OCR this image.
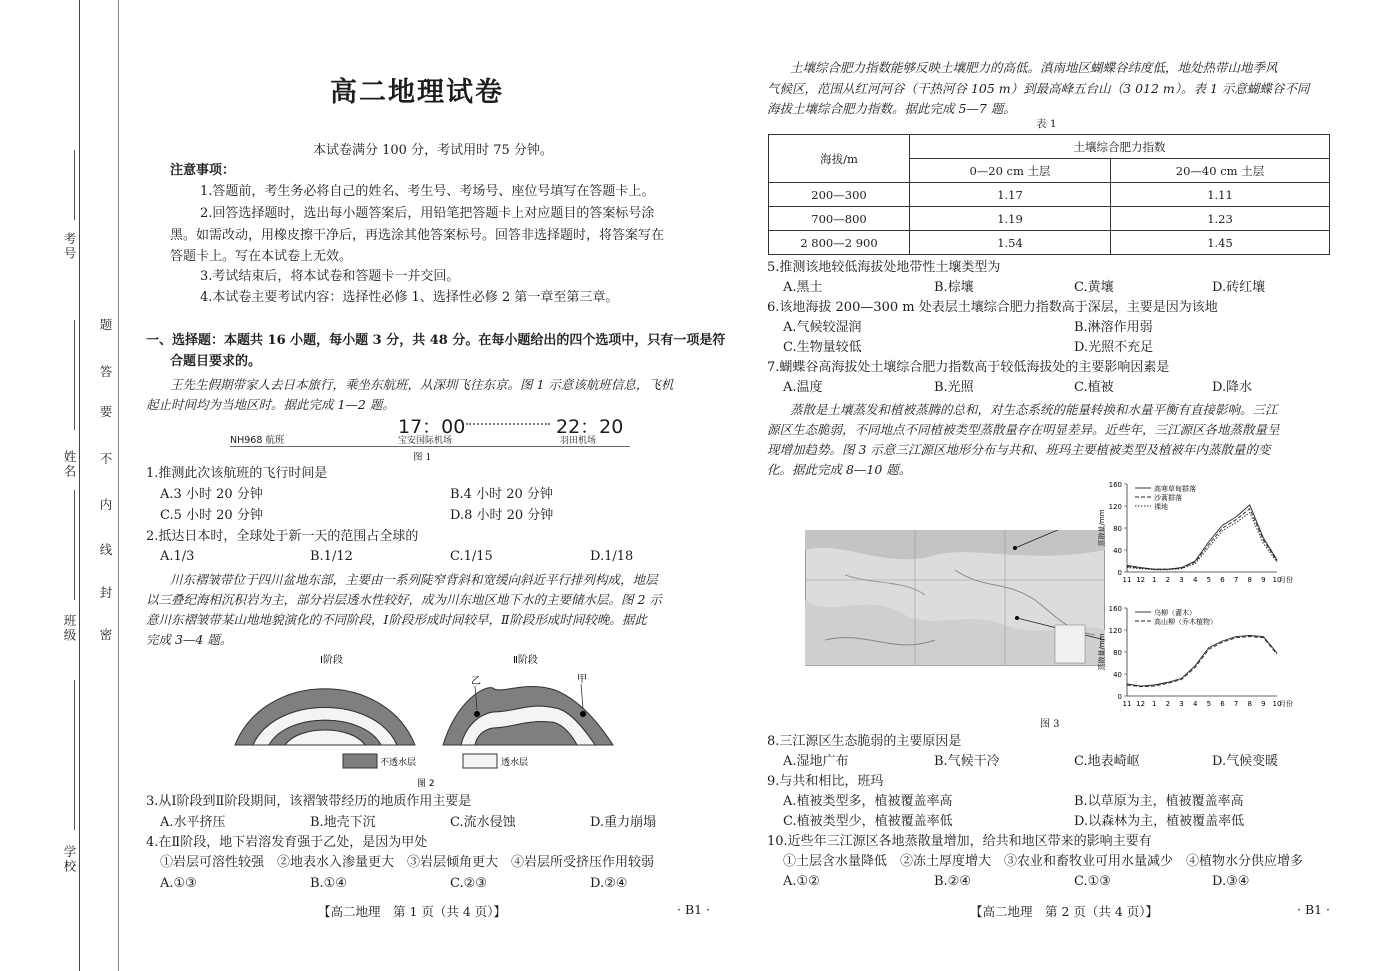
考号
姓名
班级
学校
题
答
要
不
内
线
封
密
高二地理试卷
本试卷满分 100 分，考试用时 75 分钟。
注意事项：
1.答题前，考生务必将自己的姓名、考生号、考场号、座位号填写在答题卡上。
2.回答选择题时，选出每小题答案后，用铅笔把答题卡上对应题目的答案标号涂
黑。如需改动，用橡皮擦干净后，再选涂其他答案标号。回答非选择题时，将答案写在
答题卡上。写在本试卷上无效。
3.考试结束后，将本试卷和答题卡一并交回。
4.本试卷主要考试内容：选择性必修 1、选择性必修 2 第一章至第三章。
一、选择题：本题共 16 小题，每小题 3 分，共 48 分。在每小题给出的四个选项中，只有一项是符
合题目要求的。
王先生假期带家人去日本旅行，乘坐东航班，从深圳飞往东京。图 1 示意该航班信息，飞机
起止时间均为当地区时。据此完成 1—2 题。
NH968 航班
17：00	22：20
宝安国际机场	羽田机场
图 1
1.推测此次该航班的飞行时间是
A.3 小时 20 分钟	B.4 小时 20 分钟
C.5 小时 20 分钟	D.8 小时 20 分钟
2.抵达日本时，全球处于新一天的范围占全球的
A.1/3	B.1/12	C.1/15	D.1/18
川东褶皱带位于四川盆地东部，主要由一系列陡窄背斜和宽缓向斜近平行排列构成，地层
以三叠纪海相沉积岩为主，部分岩层透水性较好，成为川东地区地下水的主要储水层。图 2 示
意川东褶皱带某山地地貌演化的不同阶段，Ⅰ阶段形成时间较早，Ⅱ阶段形成时间较晚。据此
完成 3—4 题。
Ⅰ阶段	Ⅱ阶段
乙	甲
不透水层	透水层
图 2
3.从Ⅰ阶段到Ⅱ阶段期间，该褶皱带经历的地质作用主要是
A.水平挤压	B.地壳下沉	C.流水侵蚀	D.重力崩塌
4.在Ⅱ阶段，地下岩溶发育强于乙处，是因为甲处
①岩层可溶性较强　②地表水入渗量更大　③岩层倾角更大　④岩层所受挤压作用较弱
A.①③	B.①④	C.②③	D.②④
【高二地理　第 1 页（共 4 页）】	· B1 ·
土壤综合肥力指数能够反映土壤肥力的高低。滇南地区蝴蝶谷纬度低，地处热带山地季风
气候区，范围从红河河谷（干热河谷 105 m）到最高峰五台山（3 012 m）。表 1 示意蝴蝶谷不同
海拔土壤综合肥力指数。据此完成 5—7 题。
表 1
海拔/m	土壤综合肥力指数	
	0—20 cm 土层	20—40 cm 土层
200—300	1.17	1.11
700—800	1.19	1.23
2 800—2 900	1.54	1.45
5.推测该地较低海拔处地带性土壤类型为
A.黑土	B.棕壤	C.黄壤	D.砖红壤
6.该地海拔 200—300 m 处表层土壤综合肥力指数高于深层，主要是因为该地
A.气候较湿润	B.淋溶作用弱
C.生物量较低	D.光照不充足
7.蝴蝶谷高海拔处土壤综合肥力指数高于较低海拔处的主要影响因素是
A.温度	B.光照	C.植被	D.降水
蒸散是土壤蒸发和植被蒸腾的总和，对生态系统的能量转换和水量平衡有直接影响。三江
源区生态脆弱，不同地点不同植被类型蒸散量存在明显差异。近些年，三江源区各地蒸散量呈
现增加趋势。图 3 示意三江源区地形分布与共和、班玛主要植被类型及植被年内蒸散量的变
化。据此完成 8—10 题。
图 3
0
40
80
120
160
11 12 1 2 3 4 5 6 7 8 9 10
月份
蒸散量/mm
高寒草甸群落
沙蒿群落
裸地
0
40
80
120
160
11 12 1 2 3 4 5 6 7 8 9 10
月份
蒸散量/mm
乌柳（灌木）
高山柳（乔木植物）
8.三江源区生态脆弱的主要原因是
A.湿地广布	B.气候干冷	C.地表崎岖	D.气候变暖
9.与共和相比，班玛
A.植被类型多，植被覆盖率高	B.以草原为主，植被覆盖率高
C.植被类型少，植被覆盖率低	D.以森林为主，植被覆盖率低
10.近些年三江源区各地蒸散量增加，给共和地区带来的影响主要有
①土层含水量降低　②冻土厚度增大　③农业和畜牧业可用水量减少　④植物水分供应增多
A.①②	B.②④	C.①③	D.③④
【高二地理　第 2 页（共 4 页）】	· B1 ·
